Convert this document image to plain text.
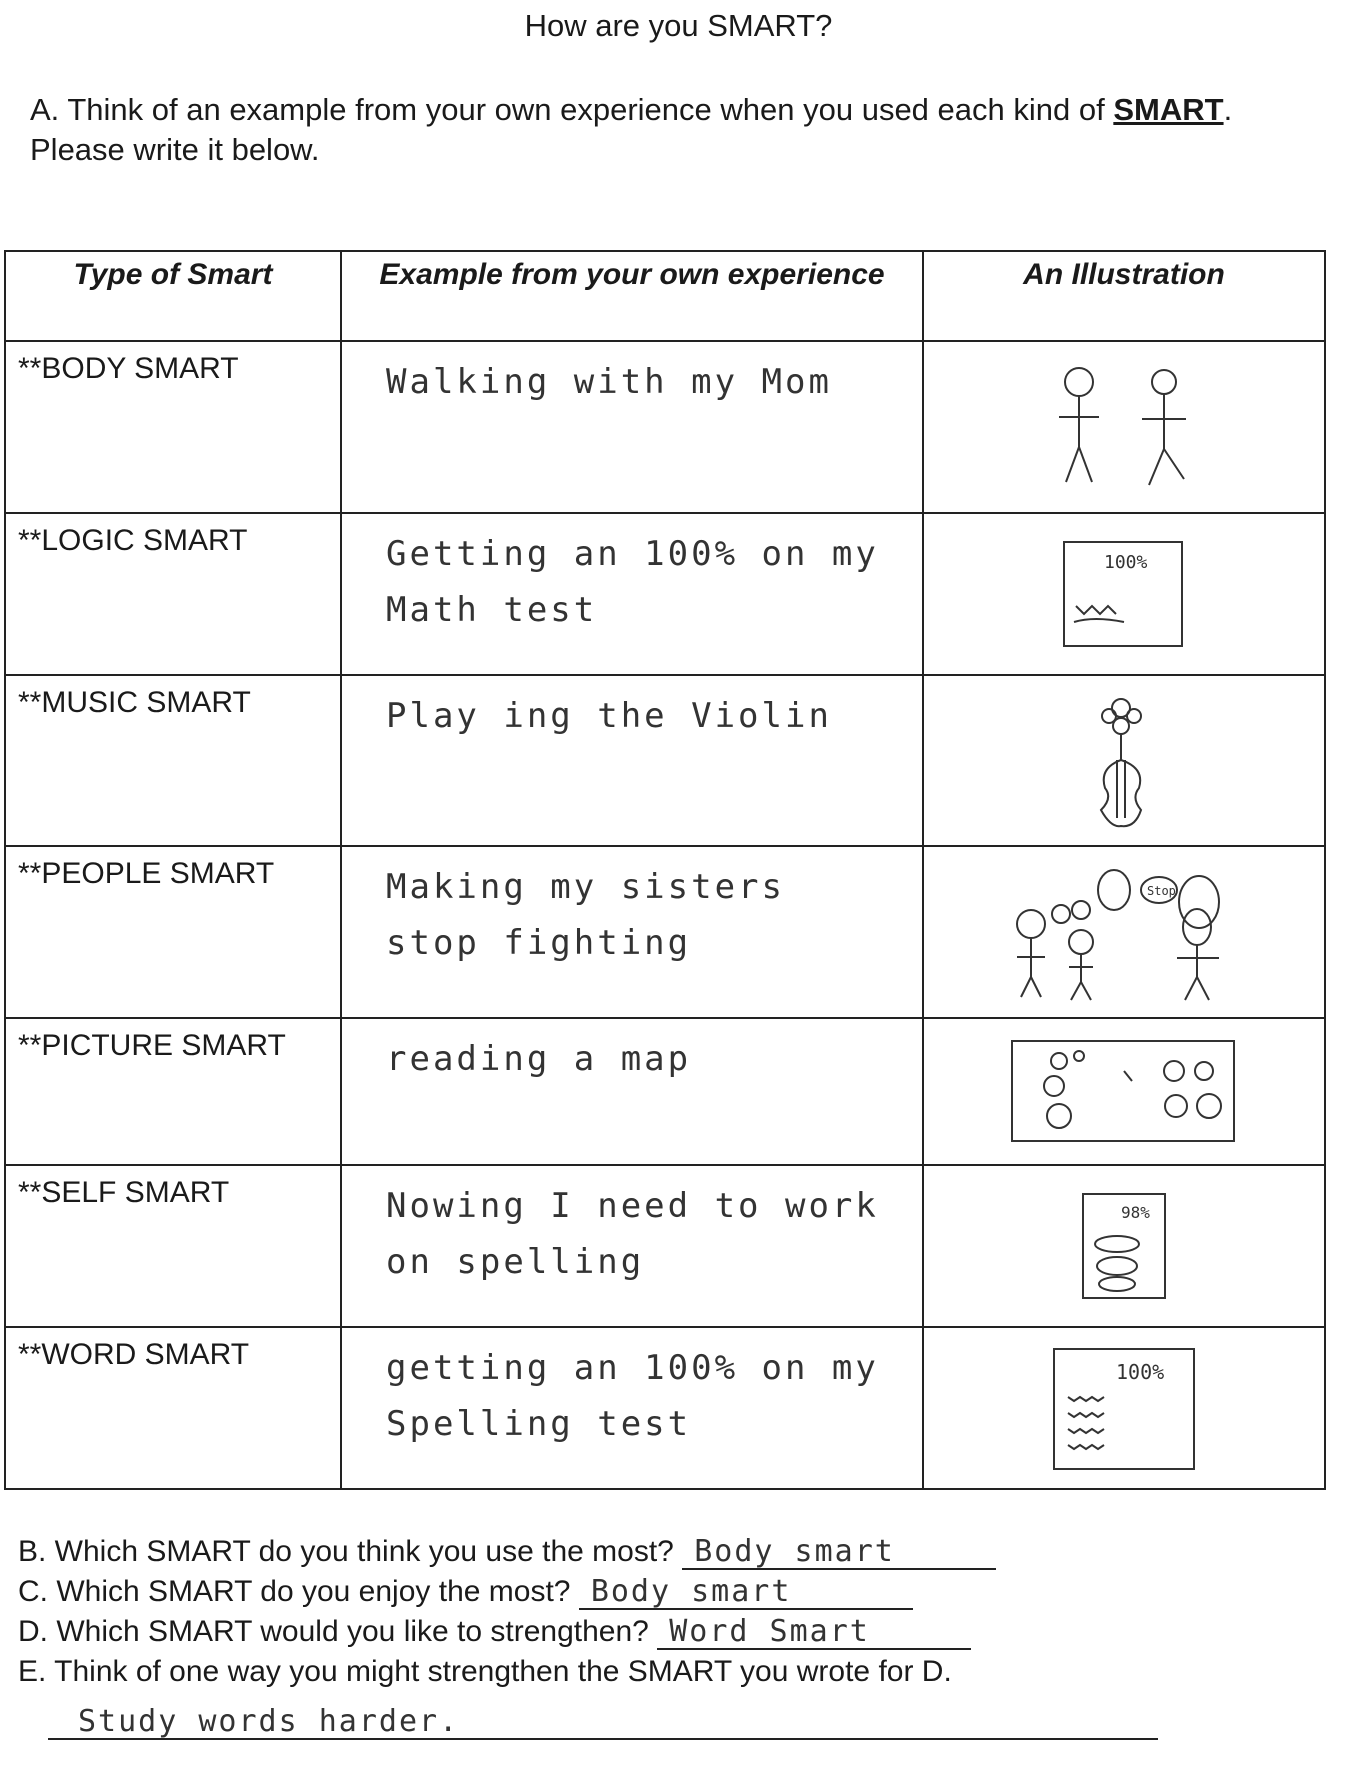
How are you SMART?
A. Think of an example from your own experience when you used each kind of SMART. Please write it below.
Type of Smart	Example from your own experience	An Illustration
**BODY SMART	Walking with my Mom	

**LOGIC SMART	Getting an 100% on my Math test	100%

**MUSIC SMART	Play ing the Violin	

**PEOPLE SMART	Making my sisters stop fighting	Stop

**PICTURE SMART	reading a map	

**SELF SMART	Nowing I need to work on spelling	98%

**WORD SMART	getting an 100% on my Spelling test	100%
B. Which SMART do you think you use the most? Body smart
C. Which SMART do you enjoy the most? Body smart
D. Which SMART would you like to strengthen? Word Smart
E. Think of one way you might strengthen the SMART you wrote for D.
Study words harder.
